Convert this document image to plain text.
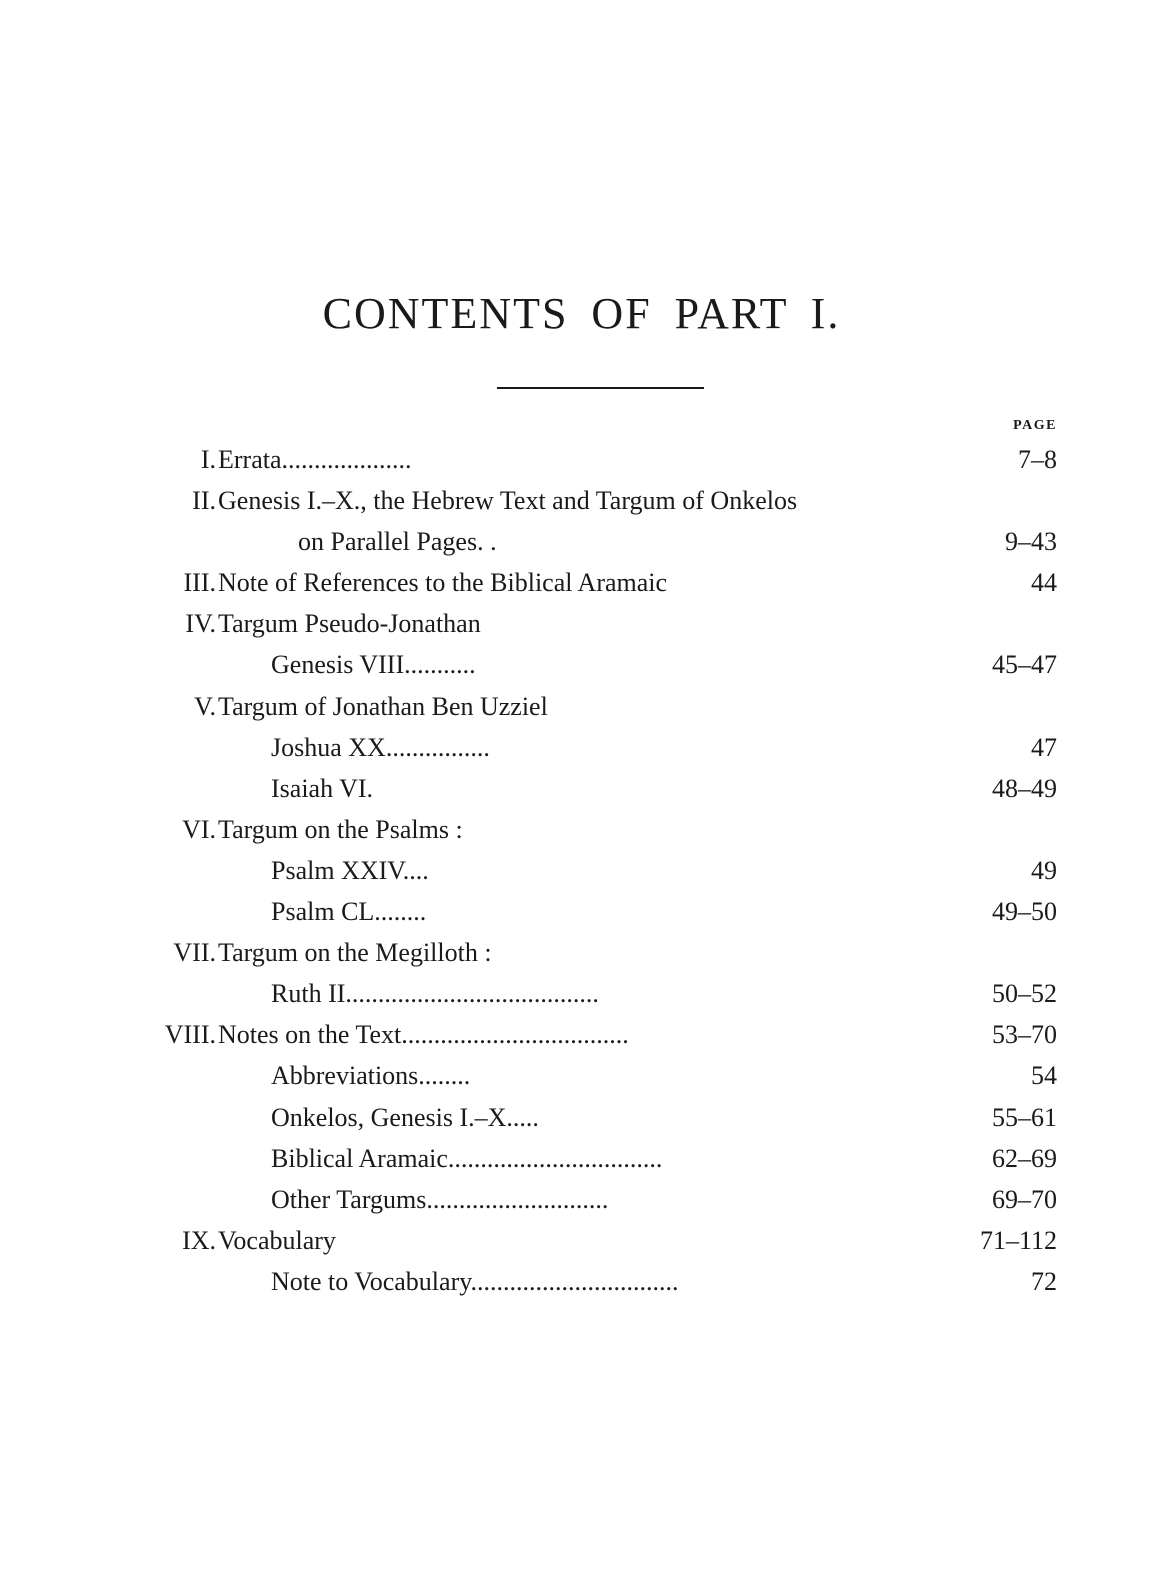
CONTENTS OF PART I.
PAGE
I. Errata....................	7–8
II. Genesis I.–X., the Hebrew Text and Targum of Onkelos
on Parallel Pages. .	9–43
III. Note of References to the Biblical Aramaic	44
IV. Targum Pseudo-Jonathan
Genesis VIII...........	45–47
V. Targum of Jonathan Ben Uzziel
Joshua XX................	47
Isaiah VI.	48–49
VI. Targum on the Psalms :
Psalm XXIV....	49
Psalm CL........	49–50
VII. Targum on the Megilloth :
Ruth II.......................................	50–52
VIII. Notes on the Text...................................	53–70
Abbreviations........	54
Onkelos, Genesis I.–X.....	55–61
Biblical Aramaic.................................	62–69
Other Targums............................	69–70
IX. Vocabulary	71–112
Note to Vocabulary................................	72
